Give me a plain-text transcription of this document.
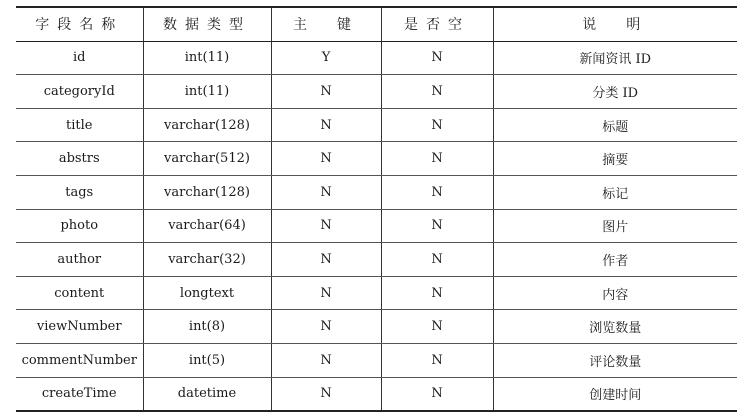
字段名称	数据类型	主　键	是否空	说　明
id	int(11)	Y	N	新闻资讯 ID
categoryId	int(11)	N	N	分类 ID
title	varchar(128)	N	N	标题
abstrs	varchar(512)	N	N	摘要
tags	varchar(128)	N	N	标记
photo	varchar(64)	N	N	图片
author	varchar(32)	N	N	作者
content	longtext	N	N	内容
viewNumber	int(8)	N	N	浏览数量
commentNumber	int(5)	N	N	评论数量
createTime	datetime	N	N	创建时间
